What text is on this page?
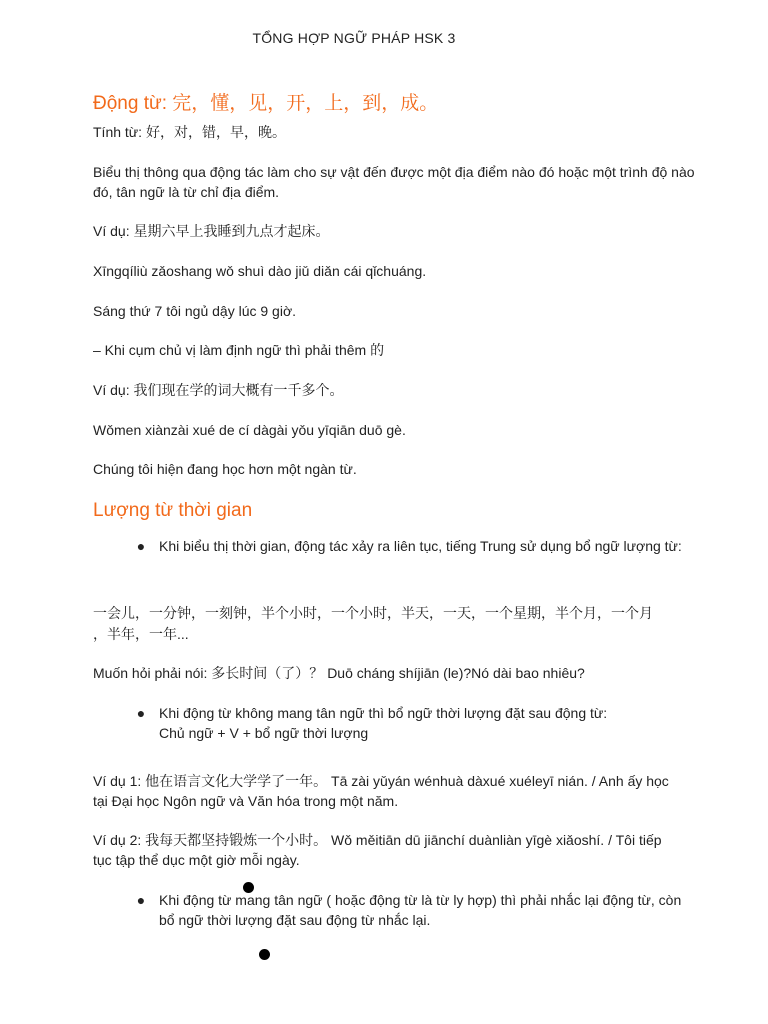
TỔNG HỢP NGỮ PHÁP HSK 3
Động từ: 完，懂，见，开，上，到，成。
Tính từ: 好，对，错，早，晚。
Biểu thị thông qua động tác làm cho sự vật đến được một địa điểm nào đó hoặc một trình độ nào đó, tân ngữ là từ chỉ địa điểm.
Ví dụ: 星期六早上我睡到九点才起床。
Xīngqíliù zǎoshang wǒ shuì dào jiǔ diǎn cái qǐchuáng.
Sáng thứ 7 tôi ngủ dậy lúc 9 giờ.
– Khi cụm chủ vị làm định ngữ thì phải thêm 的
Ví dụ: 我们现在学的词大概有一千多个。
Wǒmen xiànzài xué de cí dàgài yǒu yīqiān duō gè.
Chúng tôi hiện đang học hơn một ngàn từ.
Lượng từ thời gian
● Khi biểu thị thời gian, động tác xảy ra liên tục, tiếng Trung sử dụng bổ ngữ lượng từ:
一会儿，一分钟，一刻钟，半个小时，一个小时，半天，一天，一个星期，半个月，一个月
，半年，一年...
Muốn hỏi phải nói: 多长时间（了）？ Duō cháng shíjiān (le)?Nó dài bao nhiêu?
● Khi động từ không mang tân ngữ thì bổ ngữ thời lượng đặt sau động từ:
Chủ ngữ + V + bổ ngữ thời lượng
Ví dụ 1: 他在语言文化大学学了一年。 Tā zài yǔyán wénhuà dàxué xuéleyī nián. / Anh ấy học tại Đại học Ngôn ngữ và Văn hóa trong một năm.
Ví dụ 2: 我每天都坚持锻炼一个小时。 Wǒ měitiān dū jiānchí duànliàn yīgè xiǎoshí. / Tôi tiếp tục tập thể dục một giờ mỗi ngày.
● Khi động từ mang tân ngữ ( hoặc động từ là từ ly hợp) thì phải nhắc lại động từ, còn bổ ngữ thời lượng đặt sau động từ nhắc lại.
